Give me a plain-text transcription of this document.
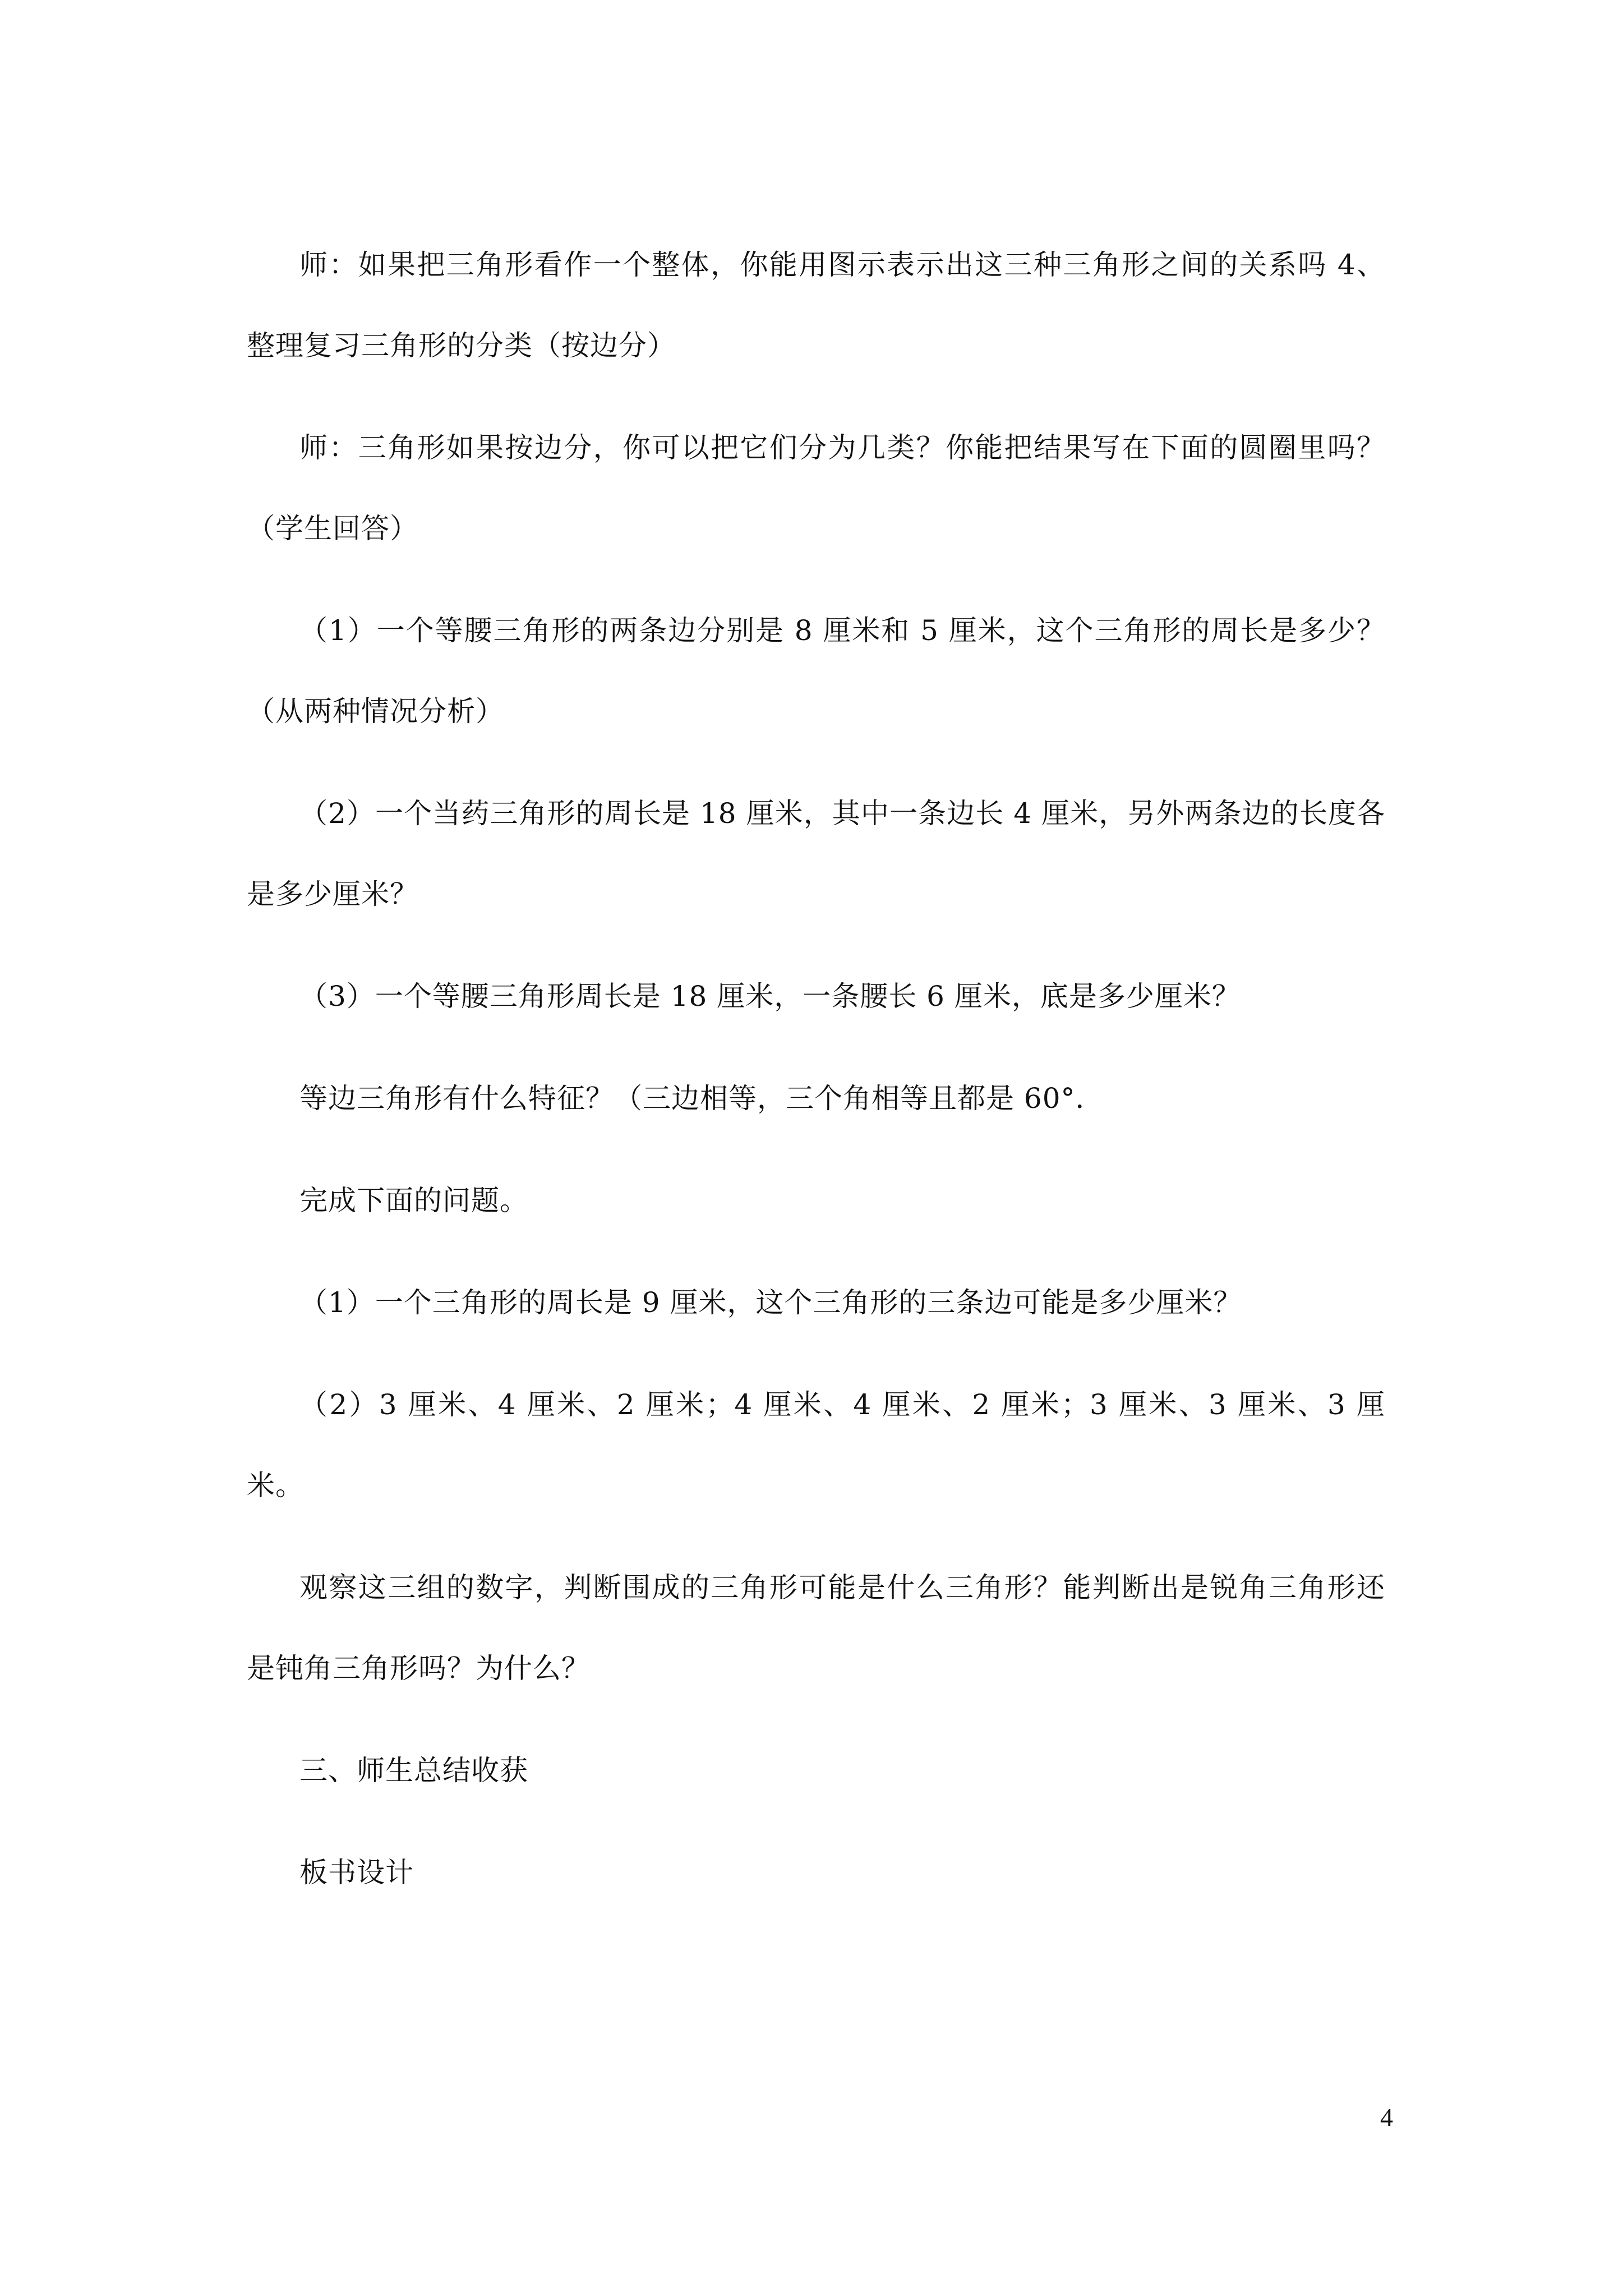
师：如果把三角形看作一个整体，你能用图示表示出这三种三角形之间的关系吗 4、整理复习三角形的分类（按边分）

师：三角形如果按边分，你可以把它们分为几类？你能把结果写在下面的圆圈里吗？（学生回答）

（1）一个等腰三角形的两条边分别是 8 厘米和 5 厘米，这个三角形的周长是多少？（从两种情况分析）

（2）一个当药三角形的周长是 18 厘米，其中一条边长 4 厘米，另外两条边的长度各是多少厘米？

（3）一个等腰三角形周长是 18 厘米，一条腰长 6 厘米，底是多少厘米？

等边三角形有什么特征？（三边相等，三个角相等且都是 60°．

完成下面的问题。

（1）一个三角形的周长是 9 厘米，这个三角形的三条边可能是多少厘米？

（2）3 厘米、4 厘米、2 厘米；4 厘米、4 厘米、2 厘米；3 厘米、3 厘米、3 厘米。

观察这三组的数字，判断围成的三角形可能是什么三角形？能判断出是锐角三角形还是钝角三角形吗？为什么？

三、师生总结收获

板书设计

4
